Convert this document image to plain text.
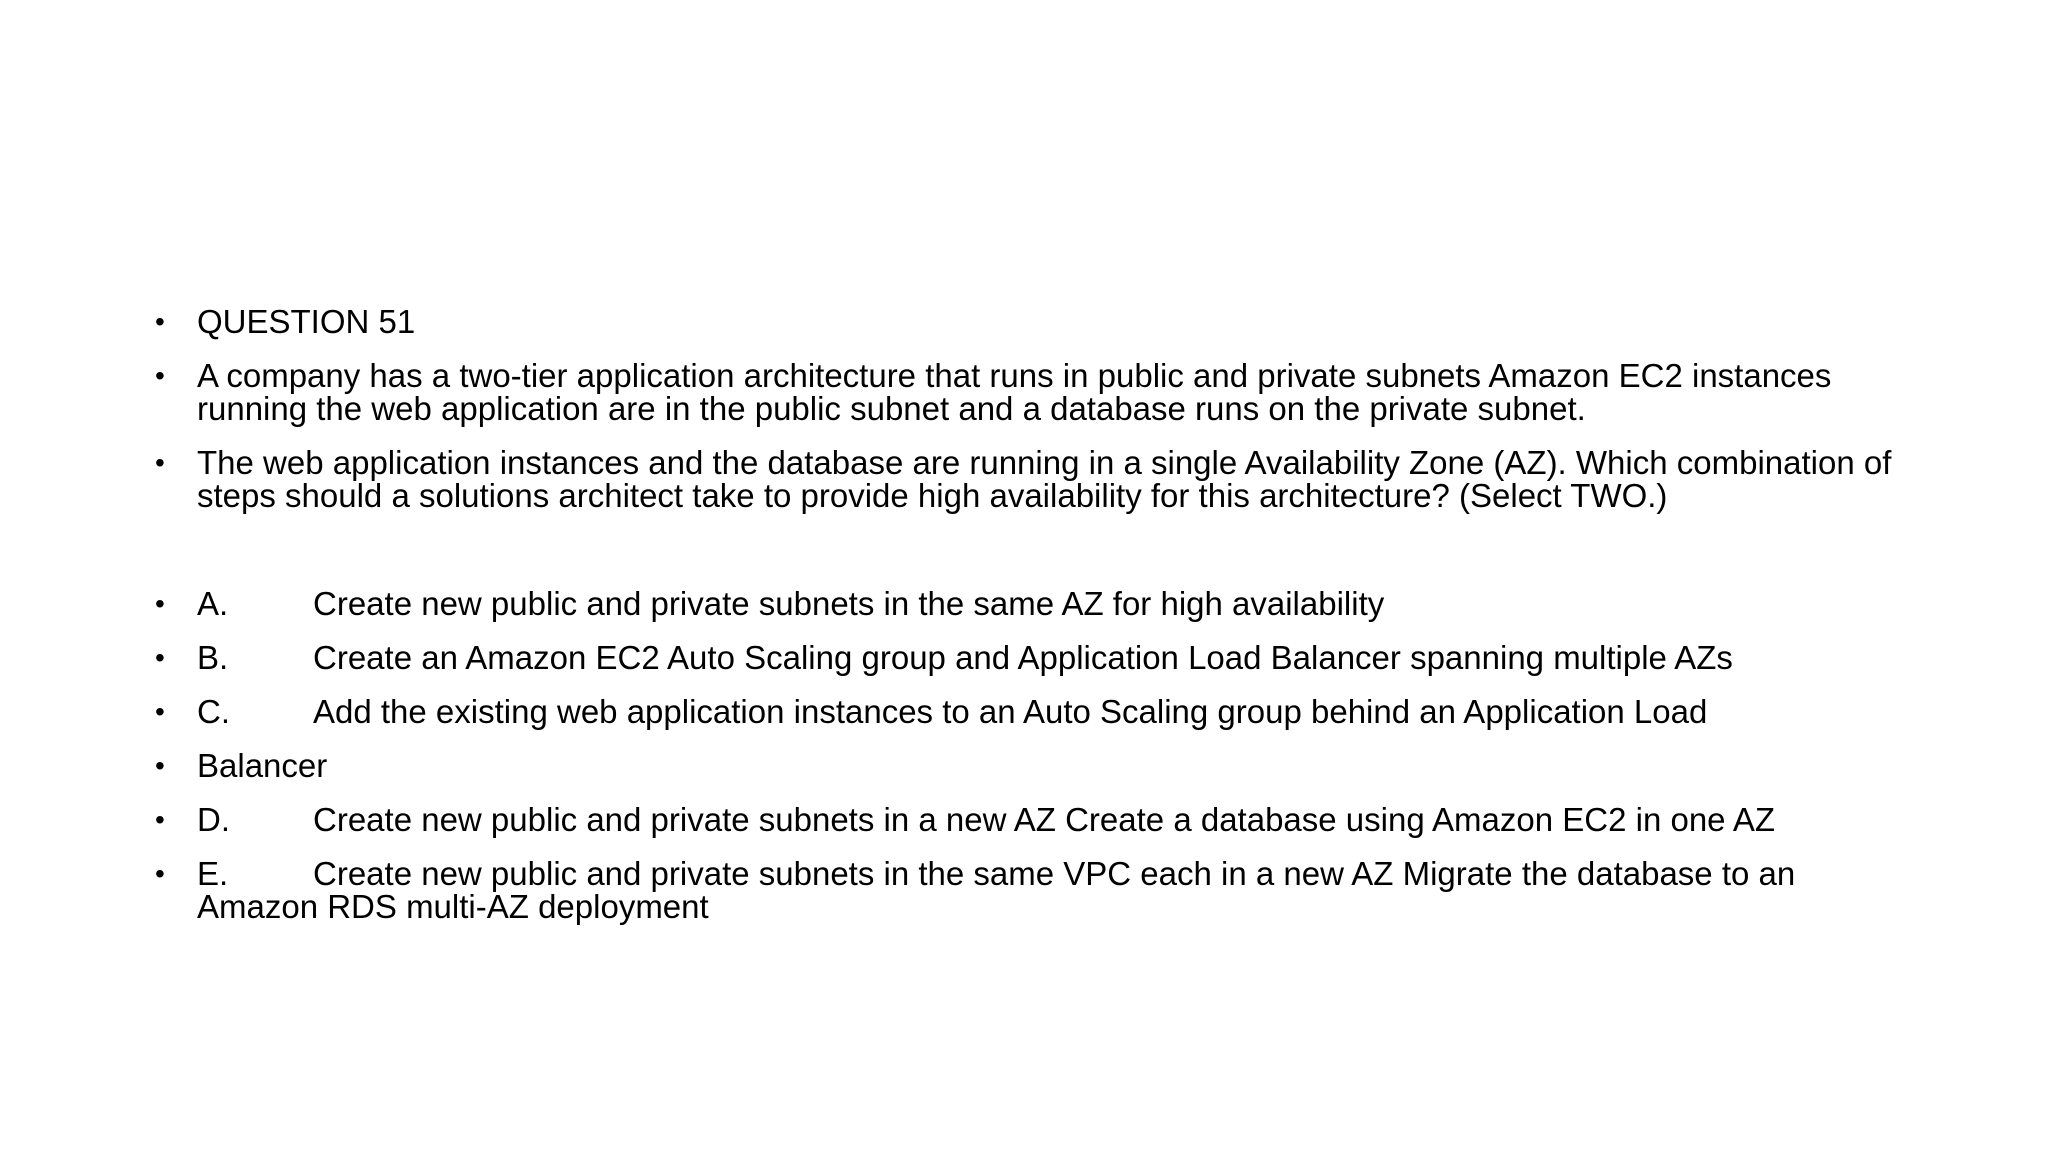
• QUESTION 51
• A company has a two-tier application architecture that runs in public and private subnets Amazon EC2 instances running the web application are in the public subnet and a database runs on the private subnet.
• The web application instances and the database are running in a single Availability Zone (AZ). Which combination of steps should a solutions architect take to provide high availability for this architecture? (Select TWO.)
• A.	Create new public and private subnets in the same AZ for high availability
• B.	Create an Amazon EC2 Auto Scaling group and Application Load Balancer spanning multiple AZs
• C.	Add the existing web application instances to an Auto Scaling group behind an Application Load
• Balancer
• D.	Create new public and private subnets in a new AZ Create a database using Amazon EC2 in one AZ
• E.	Create new public and private subnets in the same VPC each in a new AZ Migrate the database to an Amazon RDS multi-AZ deployment
